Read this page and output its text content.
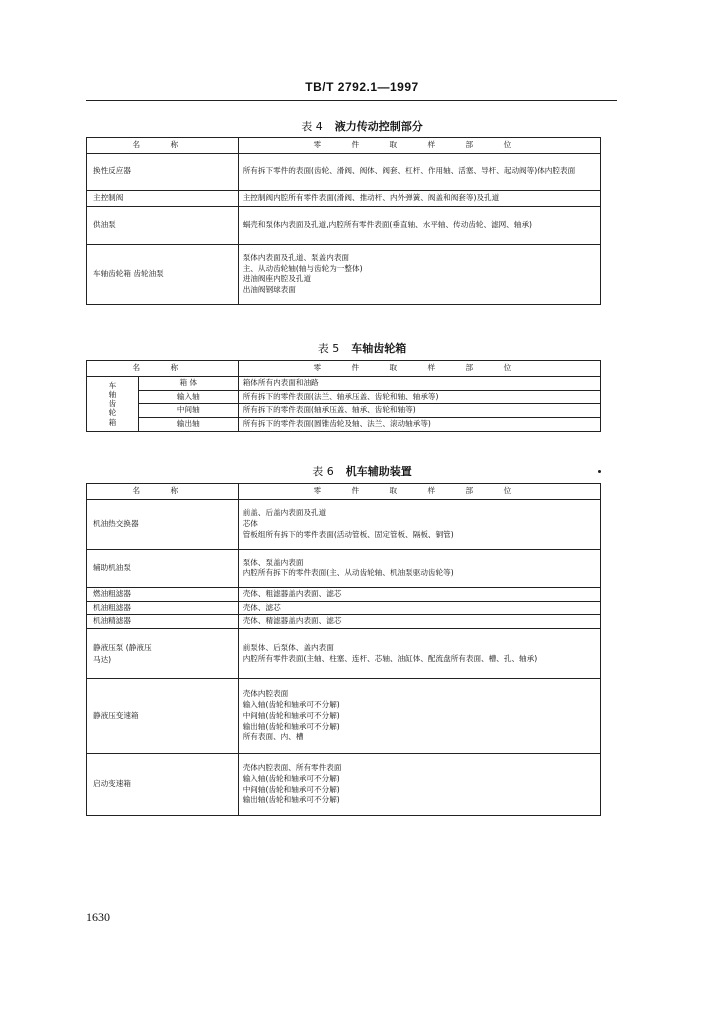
TB/T 2792.1—1997
表 4 液力传动控制部分
名 称	零 件 取 样 部 位
换性反应器	所有拆下零件的表面(齿轮、滑阀、阀体、阀套、杠杆、作用轴、活塞、导杆、起动阀等)体内腔表面

主控制阀	主控制阀内腔所有零件表面(滑阀、推动杆、内外弹簧、阀盖和阀套等)及孔道

供油泵	蜗壳和泵体内表面及孔道,内腔所有零件表面(垂直轴、水平轴、传动齿轮、滤网、轴承)

车轴齿轮箱 齿轮油泵	泵体内表面及孔道、泵盖内表面
主、从动齿轮轴(轴与齿轮为一整体)
进油阀座内腔及孔道
出油阀钢球表面
表 5 车轴齿轮箱
名 称		零 件 取 样 部 位

车
轴
齿
轮
箱	箱 体	箱体所有内表面和油路
	输入轴	所有拆下的零件表面(法兰、轴承压盖、齿轮和轴、轴承等)
	中间轴	所有拆下的零件表面(轴承压盖、轴承、齿轮和轴等)
	输出轴	所有拆下的零件表面(圆锥齿轮及轴、法兰、滚动轴承等)
表 6 机车辅助装置
名 称	零 件 取 样 部 位
机油热交换器	前盖、后盖内表面及孔道
芯体
管板组所有拆下的零件表面(活动管板、固定管板、隔板、铜管)

辅助机油泵	泵体、泵盖内表面
内腔所有拆下的零件表面(主、从动齿轮轴、机油泵驱动齿轮等)

燃油粗滤器	壳体、粗滤器盖内表面、滤芯

机油粗滤器	壳体、滤芯

机油精滤器	壳体、精滤器盖内表面、滤芯

静液压泵 (静液压马达)	前泵体、后泵体、盖内表面
内腔所有零件表面(主轴、柱塞、连杆、芯轴、油缸体、配流盘所有表面、槽、孔、轴承)

静液压变速箱	壳体内腔表面
输入轴(齿轮和轴承可不分解)
中间轴(齿轮和轴承可不分解)
输出轴(齿轮和轴承可不分解)
所有表面、内、槽

启动变速箱	壳体内腔表面、所有零件表面
输入轴(齿轮和轴承可不分解)
中间轴(齿轮和轴承可不分解)
输出轴(齿轮和轴承可不分解)
1630
